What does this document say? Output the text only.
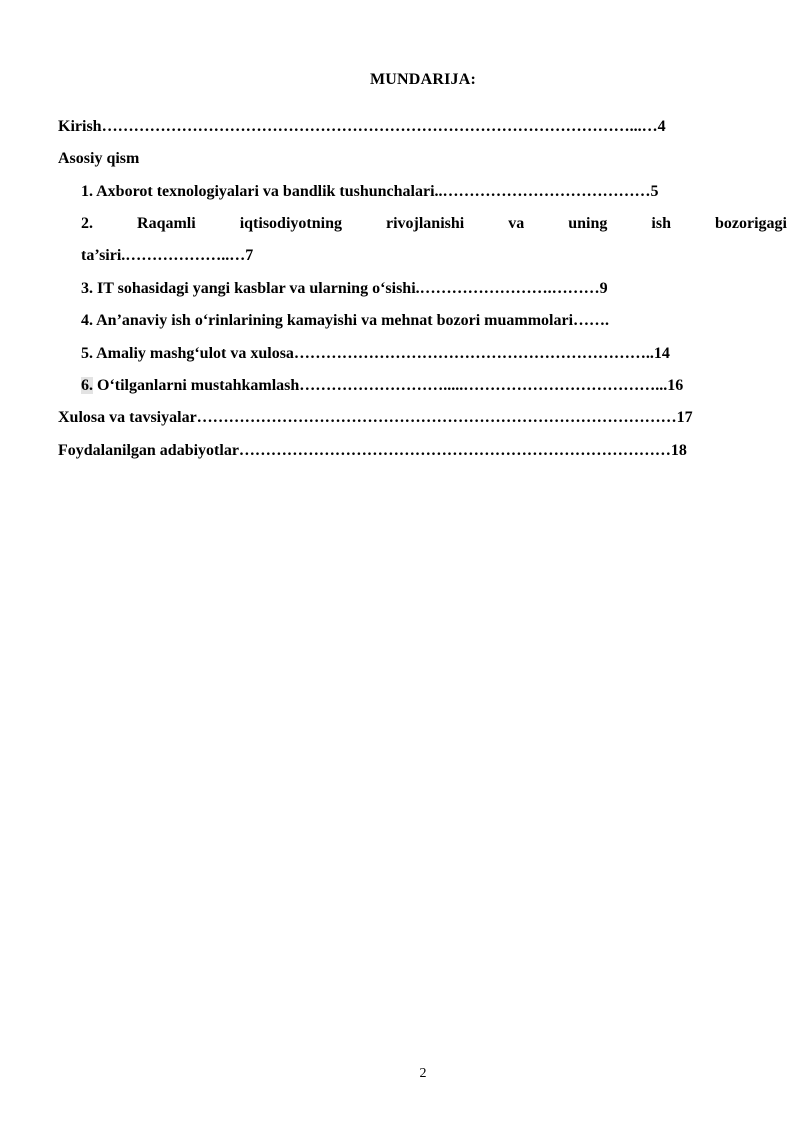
MUNDARIJA:

Kirish………………………………………………………………………………………...…4

Asosiy qism

1. Axborot texnologiyalari va bandlik tushunchalari..…………………………………5

2. Raqamli iqtisodiyotning rivojlanishi va uning ish bozorigagi

ta’siri.………………..…7

3. IT sohasidagi yangi kasblar va ularning o‘sishi.…………………….………9

4. An’anaviy ish o‘rinlarining kamayishi va mehnat bozori muammolari…….

5. Amaliy mashg‘ulot va xulosa…………………………………………………………..14

6. O‘tilganlarni mustahkamlash……………………….....………………………………...16

Xulosa va tavsiyalar………………………………………………………………………………17

Foydalanilgan adabiyotlar………………………………………………………………………18

2
